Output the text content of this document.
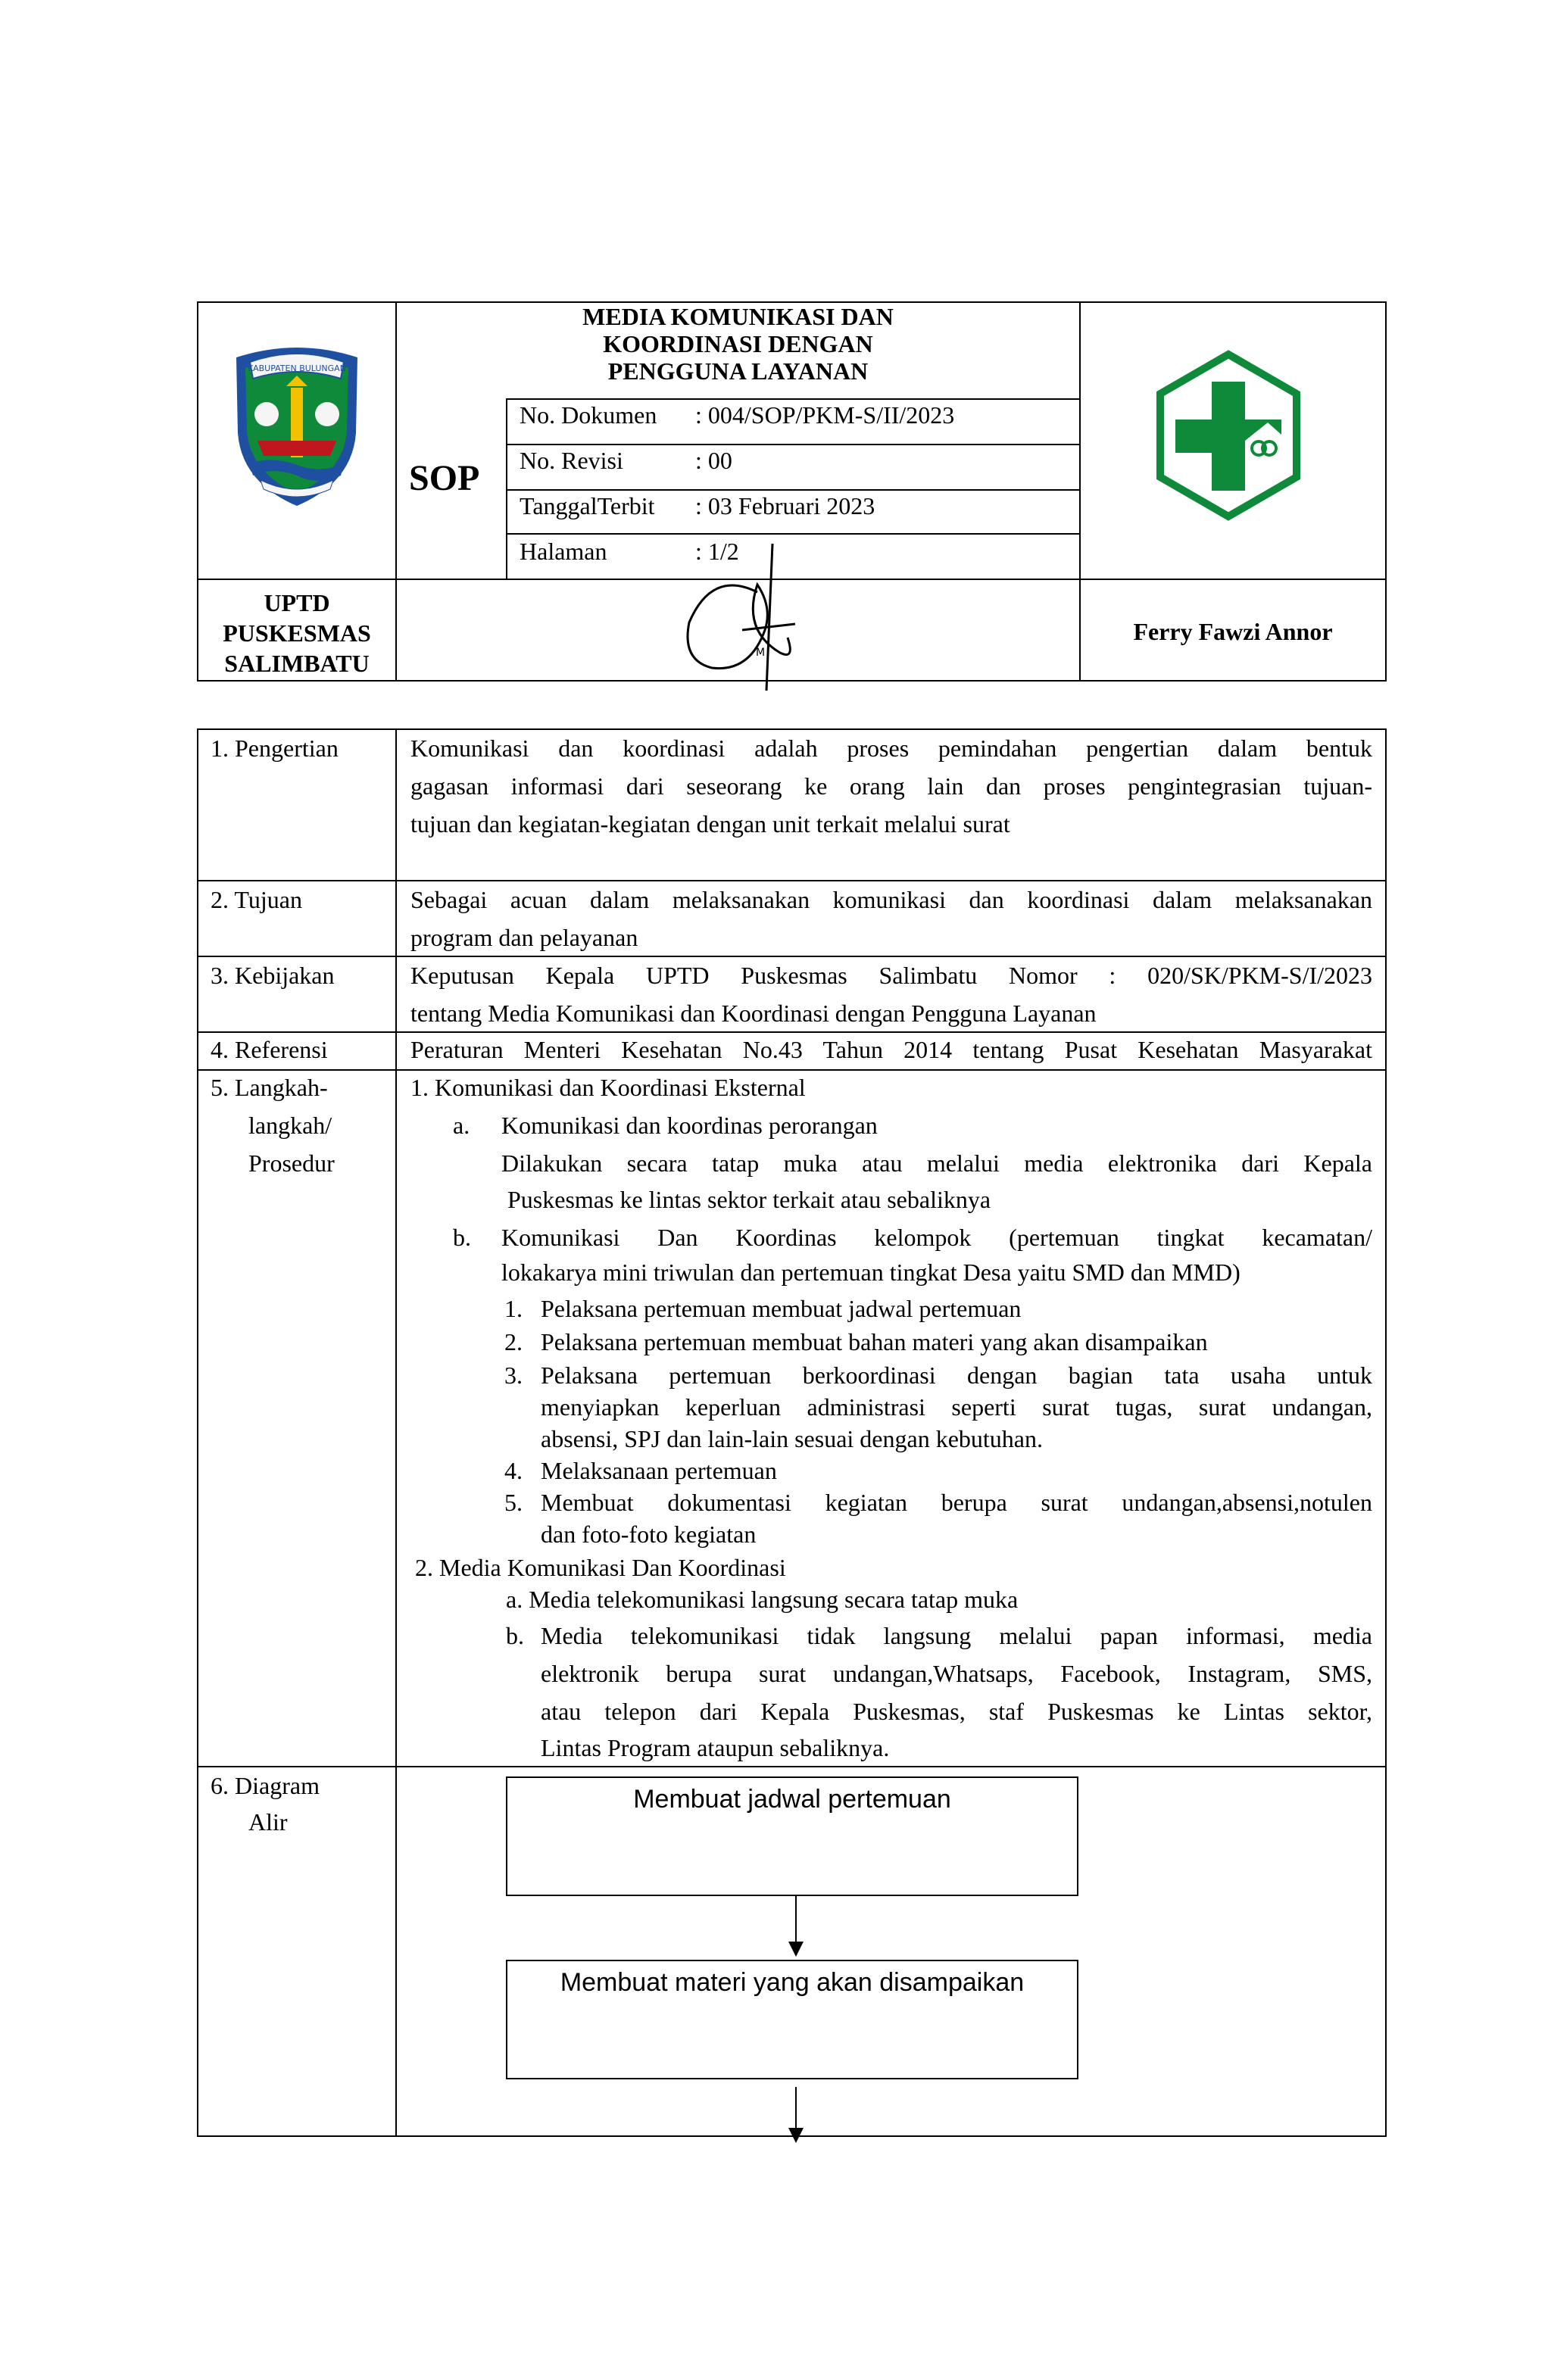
KABUPATEN BULUNGAN
MEDIA KOMUNIKASI DAN
KOORDINASI DENGAN
PENGGUNA LAYANAN
SOP
No. Dokumen : 004/SOP/PKM-S/II/2023
No. Revisi	: 00
TanggalTerbit : 03 Februari 2023
Halaman	: 1/2
UPTD
PUSKESMAS
SALIMBATU	M
Ferry Fawzi Annor
1. Pengertian	Komunikasi dan koordinasi adalah proses pemindahan pengertian dalam bentuk
gagasan informasi dari seseorang ke orang lain dan proses pengintegrasian tujuan-
tujuan dan kegiatan-kegiatan dengan unit terkait melalui surat
2. Tujuan	Sebagai acuan dalam melaksanakan komunikasi dan koordinasi dalam melaksanakan
program dan pelayanan
3. Kebijakan	Keputusan Kepala UPTD Puskesmas Salimbatu Nomor : 020/SK/PKM-S/I/2023
tentang Media Komunikasi dan Koordinasi dengan Pengguna Layanan
4. Referensi	Peraturan Menteri Kesehatan No.43 Tahun 2014 tentang Pusat Kesehatan Masyarakat
5. Langkah-
langkah/
Prosedur
1. Komunikasi dan Koordinasi Eksternal
a. Komunikasi dan koordinas perorangan
Dilakukan secara tatap muka atau melalui media elektronika dari Kepala
Puskesmas ke lintas sektor terkait atau sebaliknya
b. Komunikasi Dan Koordinas kelompok (pertemuan tingkat kecamatan/
lokakarya mini triwulan dan pertemuan tingkat Desa yaitu SMD dan MMD)
1. Pelaksana pertemuan membuat jadwal pertemuan
2. Pelaksana pertemuan membuat bahan materi yang akan disampaikan
3. Pelaksana pertemuan berkoordinasi dengan bagian tata usaha untuk
menyiapkan keperluan administrasi seperti surat tugas, surat undangan,
absensi, SPJ dan lain-lain sesuai dengan kebutuhan.
4. Melaksanaan pertemuan
5. Membuat dokumentasi kegiatan berupa surat undangan,absensi,notulen
dan foto-foto kegiatan
2. Media Komunikasi Dan Koordinasi
a. Media telekomunikasi langsung secara tatap muka
b. Media telekomunikasi tidak langsung melalui papan informasi, media
elektronik berupa surat undangan,Whatsaps, Facebook, Instagram, SMS,
atau telepon dari Kepala Puskesmas, staf Puskesmas ke Lintas sektor,
Lintas Program ataupun sebaliknya.
6. Diagram
Alir
Membuat jadwal pertemuan
Membuat materi yang akan disampaikan
